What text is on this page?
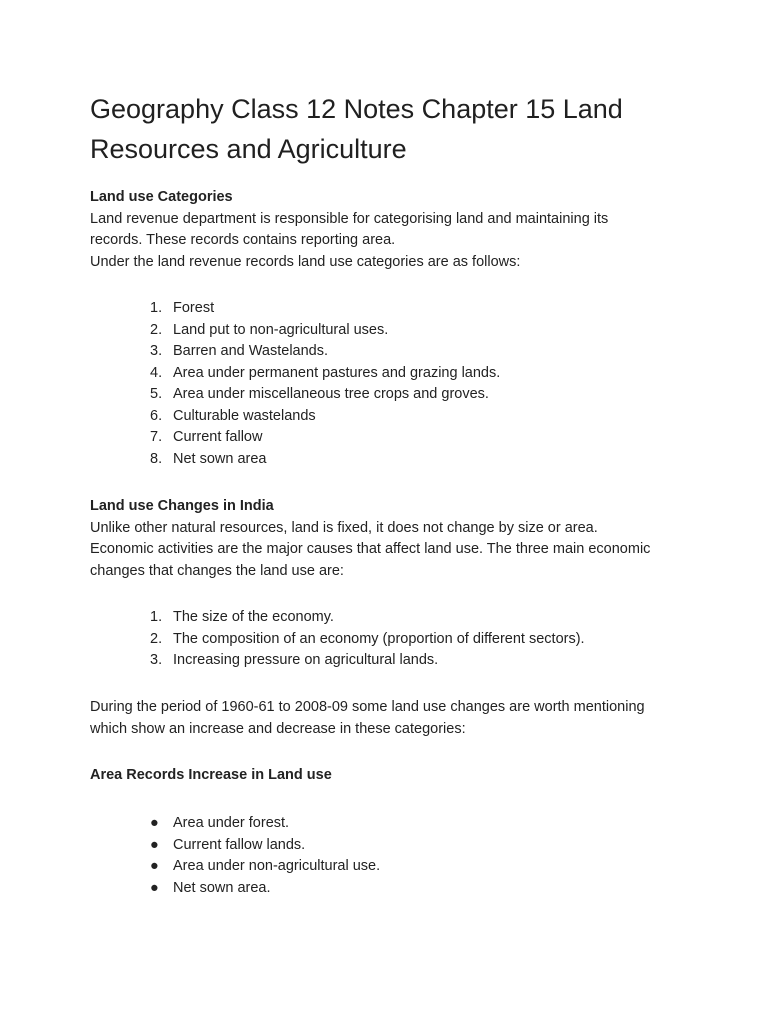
Geography Class 12 Notes Chapter 15 Land Resources and Agriculture
Land use Categories
Land revenue department is responsible for categorising land and maintaining its
records. These records contains reporting area.
Under the land revenue records land use categories are as follows:
1. Forest
2. Land put to non-agricultural uses.
3. Barren and Wastelands.
4. Area under permanent pastures and grazing lands.
5. Area under miscellaneous tree crops and groves.
6. Culturable wastelands
7. Current fallow
8. Net sown area
Land use Changes in India
Unlike other natural resources, land is fixed, it does not change by size or area.
Economic activities are the major causes that affect land use. The three main economic
changes that changes the land use are:
1. The size of the economy.
2. The composition of an economy (proportion of different sectors).
3. Increasing pressure on agricultural lands.
During the period of 1960-61 to 2008-09 some land use changes are worth mentioning
which show an increase and decrease in these categories:
Area Records Increase in Land use
● Area under forest.
● Current fallow lands.
● Area under non-agricultural use.
● Net sown area.
